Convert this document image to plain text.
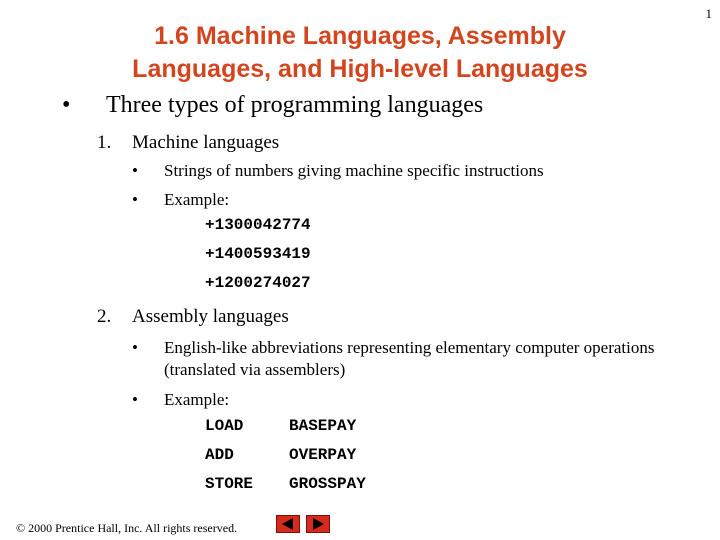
1
1.6 Machine Languages, Assembly
Languages, and High-level Languages
• Three types of programming languages
1. Machine languages
• Strings of numbers giving machine specific instructions
• Example:
+1300042774
+1400593419
+1200274027
2. Assembly languages
• English-like abbreviations representing elementary computer operations (translated via assemblers)
• Example:
LOAD	BASEPAY
ADD	OVERPAY
STORE GROSSPAY
© 2000 Prentice Hall, Inc. All rights reserved.
